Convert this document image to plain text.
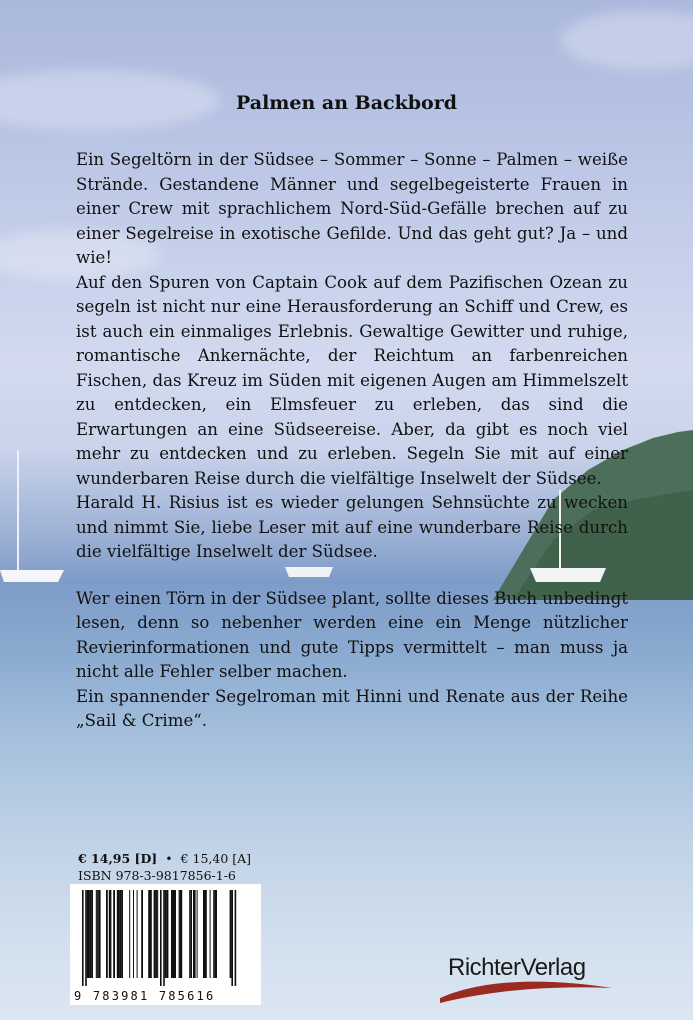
Palmen an Backbord

Ein Segeltörn in der Südsee – Sommer – Sonne – Palmen – weiße Strände. Gestandene Männer und segelbegeisterte Frauen in einer Crew mit sprachlichem Nord-Süd-Gefälle brechen auf zu einer Segelreise in exotische Gefilde. Und das geht gut? Ja – und wie!

Auf den Spuren von Captain Cook auf dem Pazifischen Ozean zu segeln ist nicht nur eine Herausforderung an Schiff und Crew, es ist auch ein einmaliges Erlebnis. Gewaltige Gewitter und ruhige, romantische Ankernächte, der Reichtum an farbenreichen Fischen, das Kreuz im Süden mit eigenen Augen am Himmelszelt zu entdecken, ein Elmsfeuer zu erleben, das sind die Erwartungen an eine Südseereise. Aber, da gibt es noch viel mehr zu entdecken und zu erleben. Segeln Sie mit auf einer wunderbaren Reise durch die vielfältige Inselwelt der Südsee.

Harald H. Risius ist es wieder gelungen Sehnsüchte zu wecken und nimmt Sie, liebe Leser mit auf eine wunderbare Reise durch die vielfältige Inselwelt der Südsee.

Wer einen Törn in der Südsee plant, sollte dieses Buch unbedingt lesen, denn so nebenher werden eine ein Menge nützlicher Revierinformationen und gute Tipps vermittelt – man muss ja nicht alle Fehler selber machen.

Ein spannender Segelroman mit Hinni und Renate aus der Reihe „Sail & Crime“.

€ 14,95 [D] • € 15,40 [A]
ISBN 978-3-9817856-1-6
9 783981 785616
RichterVerlag
